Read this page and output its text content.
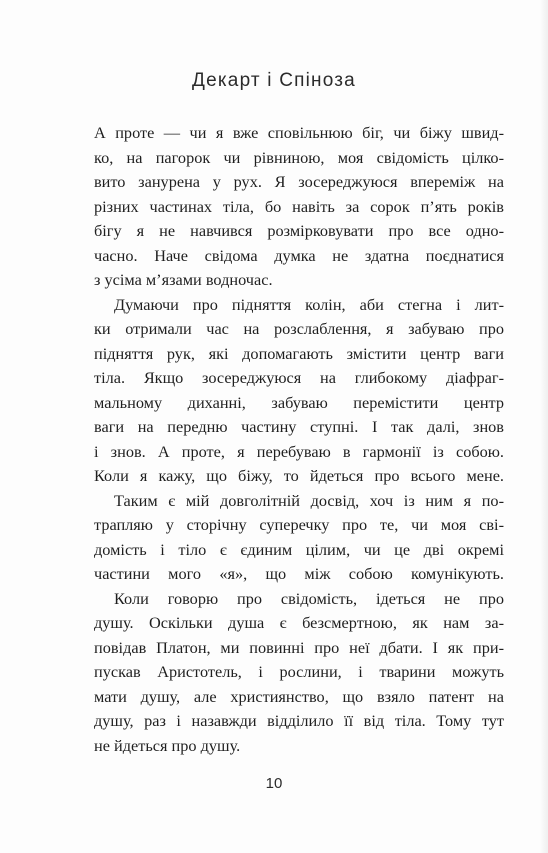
Декарт і Спіноза

А проте — чи я вже сповільнюю біг, чи біжу швид-
ко, на пагорок чи рівниною, моя свідомість цілко-
вито занурена у рух. Я зосереджуюся впереміж на
різних частинах тіла, бо навіть за сорок п’ять років
бігу я не навчився розмірковувати про все одно-
часно. Наче свідома думка не здатна поєднатися
з усіма м’язами водночас.

Думаючи про підняття колін, аби стегна і лит-
ки отримали час на розслаблення, я забуваю про
підняття рук, які допомагають змістити центр ваги
тіла. Якщо зосереджуюся на глибокому діафраг-
мальному диханні, забуваю перемістити центр
ваги на передню частину ступні. І так далі, знов
і знов. А проте, я перебуваю в гармонії із собою.
Коли я кажу, що біжу, то йдеться про всього мене.

Таким є мій довголітній досвід, хоч із ним я по-
трапляю у сторічну суперечку про те, чи моя сві-
домість і тіло є єдиним цілим, чи це дві окремі
частини мого «я», що між собою комунікують.

Коли говорю про свідомість, ідеться не про
душу. Оскільки душа є безсмертною, як нам за-
повідав Платон, ми повинні про неї дбати. І як при-
пускав Аристотель, і рослини, і тварини можуть
мати душу, але християнство, що взяло патент на
душу, раз і назавжди відділило її від тіла. Тому тут
не йдеться про душу.

10
